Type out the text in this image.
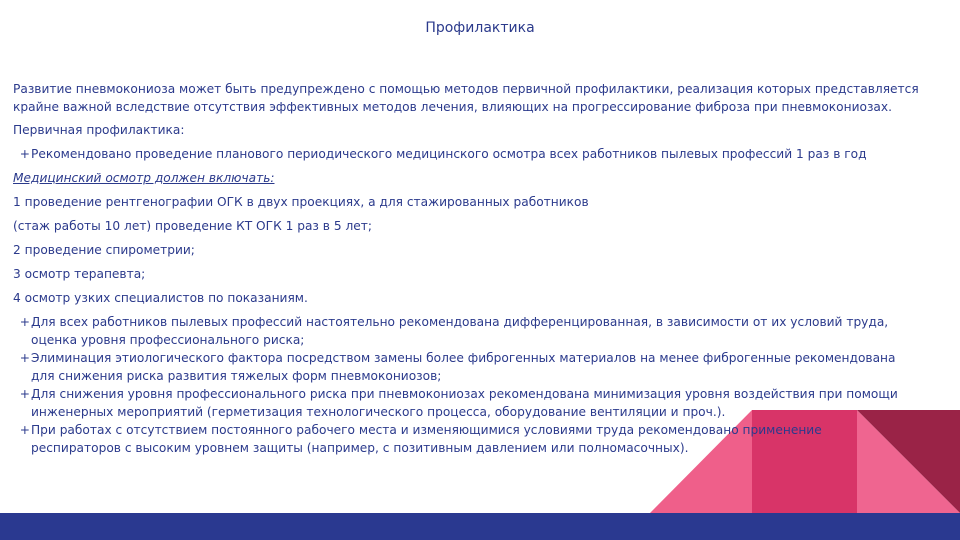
Профилактика

Развитие пневмокониоза может быть предупреждено с помощью методов первичной профилактики, реализация которых представляется крайне важной вследствие отсутствия эффективных методов лечения, влияющих на прогрессирование фиброза при пневмокониозах.

Первичная профилактика:

+ Рекомендовано проведение планового периодического медицинского осмотра всех работников пылевых профессий 1 раз в год

Медицинский осмотр должен включать:

1 проведение рентгенографии ОГК в двух проекциях, а для стажированных работников

(стаж работы 10 лет) проведение КТ ОГК 1 раз в 5 лет;

2 проведение спирометрии;

3 осмотр терапевта;

4 осмотр узких специалистов по показаниям.

+ Для всех работников пылевых профессий настоятельно рекомендована дифференцированная, в зависимости от их условий труда, оценка уровня профессионального риска;
+ Элиминация этиологического фактора посредством замены более фиброгенных материалов на менее фиброгенные рекомендована для снижения риска развития тяжелых форм пневмокониозов;
+ Для снижения уровня профессионального риска при пневмокониозах рекомендована минимизация уровня воздействия при помощи инженерных мероприятий (герметизация технологического процесса, оборудование вентиляции и проч.).
+ При работах с отсутствием постоянного рабочего места и изменяющимися условиями труда рекомендовано применение респираторов с высоким уровнем защиты (например, с позитивным давлением или полномасочных).
